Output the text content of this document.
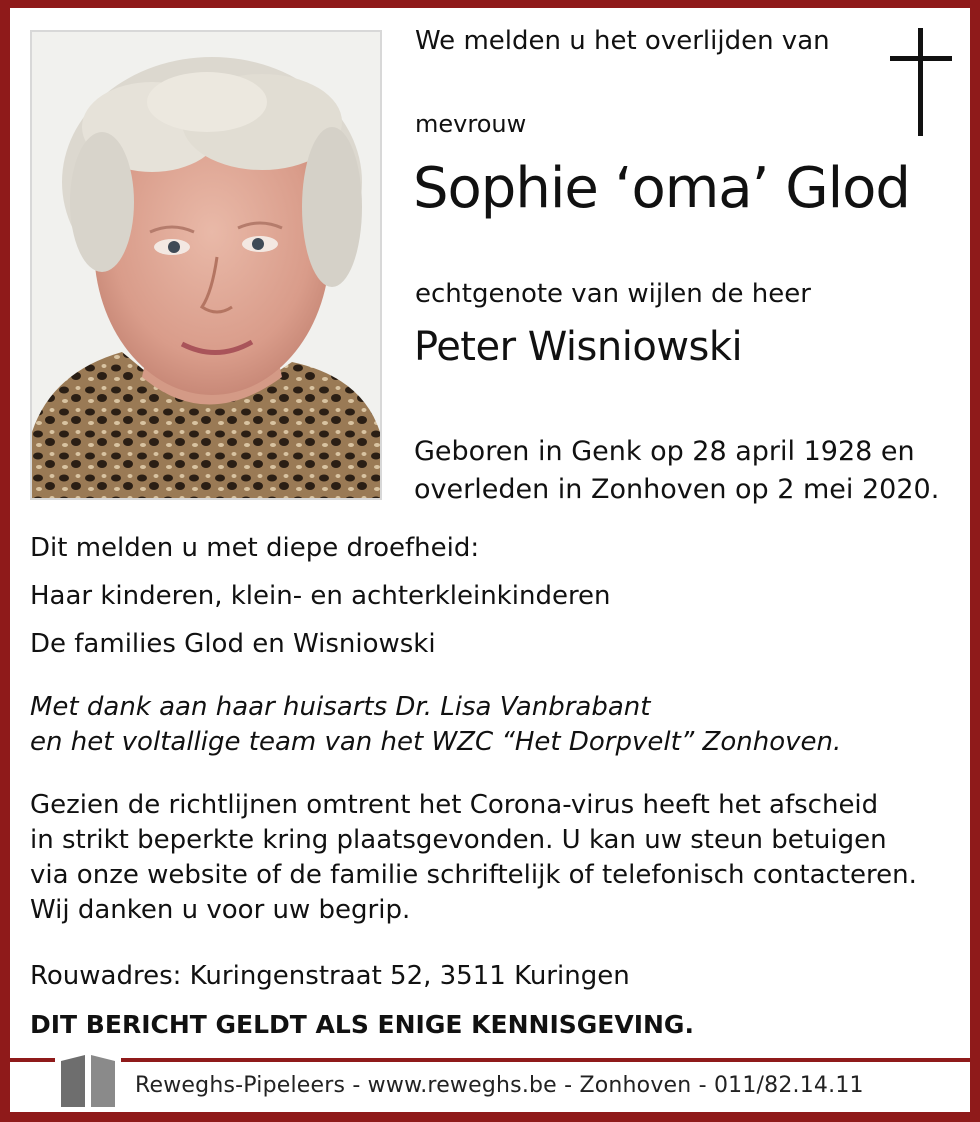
We melden u het overlijden van
mevrouw
Sophie ‘oma’ Glod
echtgenote van wijlen de heer
Peter Wisniowski
Geboren in Genk op 28 april 1928 en
overleden in Zonhoven op 2 mei 2020.
Dit melden u met diepe droefheid:
Haar kinderen, klein- en achterkleinkinderen
De families Glod en Wisniowski
Met dank aan haar huisarts Dr. Lisa Vanbrabant
en het voltallige team van het WZC “Het Dorpvelt” Zonhoven.
Gezien de richtlijnen omtrent het Corona-virus heeft het afscheid
in strikt beperkte kring plaatsgevonden. U kan uw steun betuigen
via onze website of de familie schriftelijk of telefonisch contacteren.
Wij danken u voor uw begrip.
Rouwadres: Kuringenstraat 52, 3511 Kuringen
DIT BERICHT GELDT ALS ENIGE KENNISGEVING.
Reweghs-Pipeleers - www.reweghs.be - Zonhoven - 011/82.14.11
